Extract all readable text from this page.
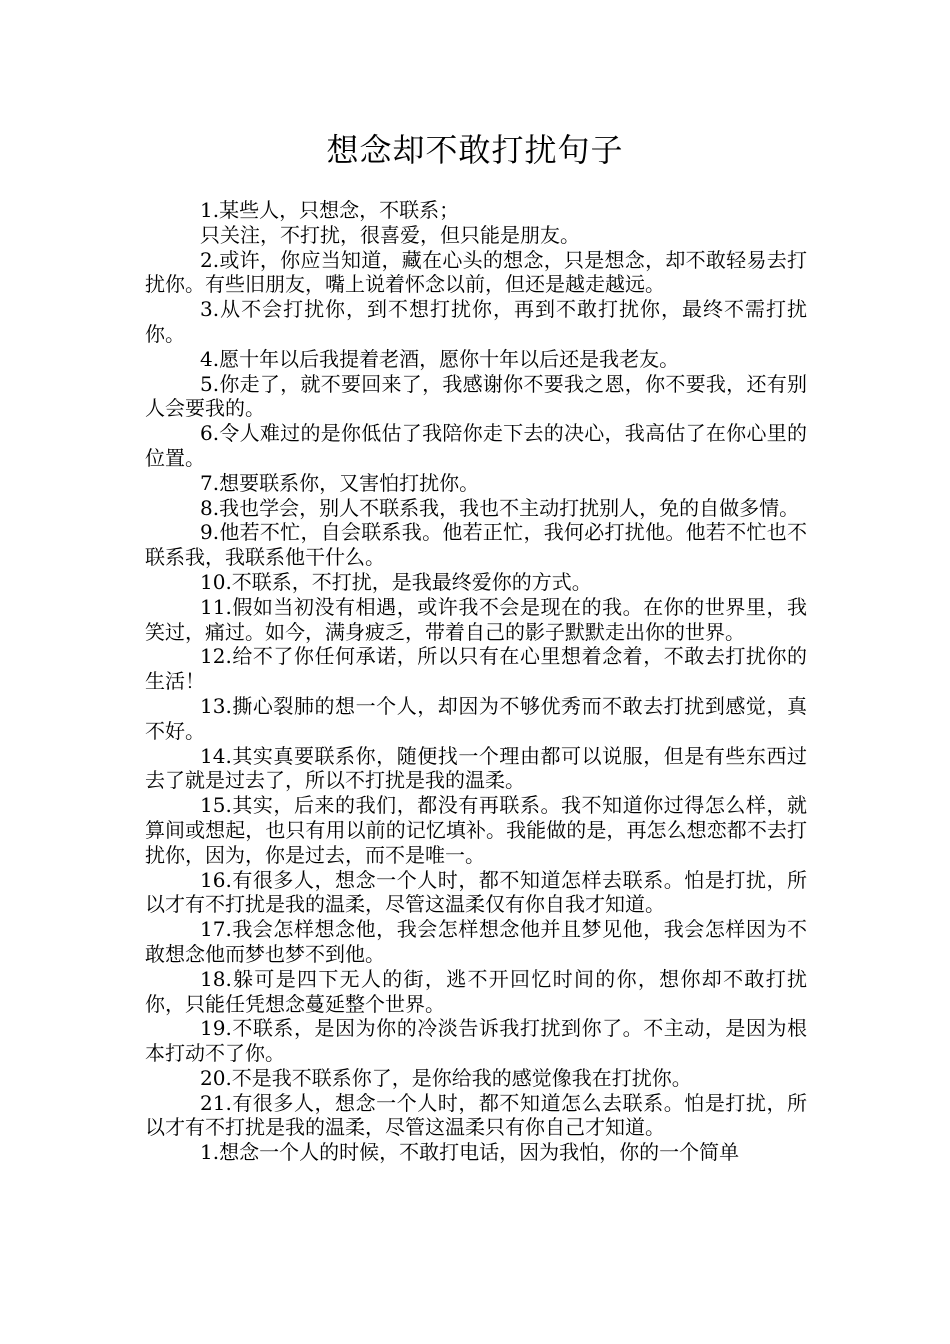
想念却不敢打扰句子

1.某些人，只想念，不联系；

只关注，不打扰，很喜爱，但只能是朋友。

2.或许，你应当知道，藏在心头的想念，只是想念，却不敢轻易去打扰你。有些旧朋友，嘴上说着怀念以前，但还是越走越远。

3.从不会打扰你，到不想打扰你，再到不敢打扰你，最终不需打扰你。

4.愿十年以后我提着老酒，愿你十年以后还是我老友。

5.你走了，就不要回来了，我感谢你不要我之恩，你不要我，还有别人会要我的。

6.令人难过的是你低估了我陪你走下去的决心，我高估了在你心里的位置。

7.想要联系你，又害怕打扰你。

8.我也学会，别人不联系我，我也不主动打扰别人，免的自做多情。

9.他若不忙，自会联系我。他若正忙，我何必打扰他。他若不忙也不联系我，我联系他干什么。

10.不联系，不打扰，是我最终爱你的方式。

11.假如当初没有相遇，或许我不会是现在的我。在你的世界里，我笑过，痛过。如今，满身疲乏，带着自己的影子默默走出你的世界。

12.给不了你任何承诺，所以只有在心里想着念着，不敢去打扰你的生活！

13.撕心裂肺的想一个人，却因为不够优秀而不敢去打扰到感觉，真不好。

14.其实真要联系你，随便找一个理由都可以说服，但是有些东西过去了就是过去了，所以不打扰是我的温柔。

15.其实，后来的我们，都没有再联系。我不知道你过得怎么样，就算间或想起，也只有用以前的记忆填补。我能做的是，再怎么想恋都不去打扰你，因为，你是过去，而不是唯一。

16.有很多人，想念一个人时，都不知道怎样去联系。怕是打扰，所以才有不打扰是我的温柔，尽管这温柔仅有你自我才知道。

17.我会怎样想念他，我会怎样想念他并且梦见他，我会怎样因为不敢想念他而梦也梦不到他。

18.躲可是四下无人的街，逃不开回忆时间的你，想你却不敢打扰你，只能任凭想念蔓延整个世界。

19.不联系，是因为你的冷淡告诉我打扰到你了。不主动，是因为根本打动不了你。

20.不是我不联系你了，是你给我的感觉像我在打扰你。

21.有很多人，想念一个人时，都不知道怎么去联系。怕是打扰，所以才有不打扰是我的温柔，尽管这温柔只有你自己才知道。

1.想念一个人的时候，不敢打电话，因为我怕，你的一个简单
